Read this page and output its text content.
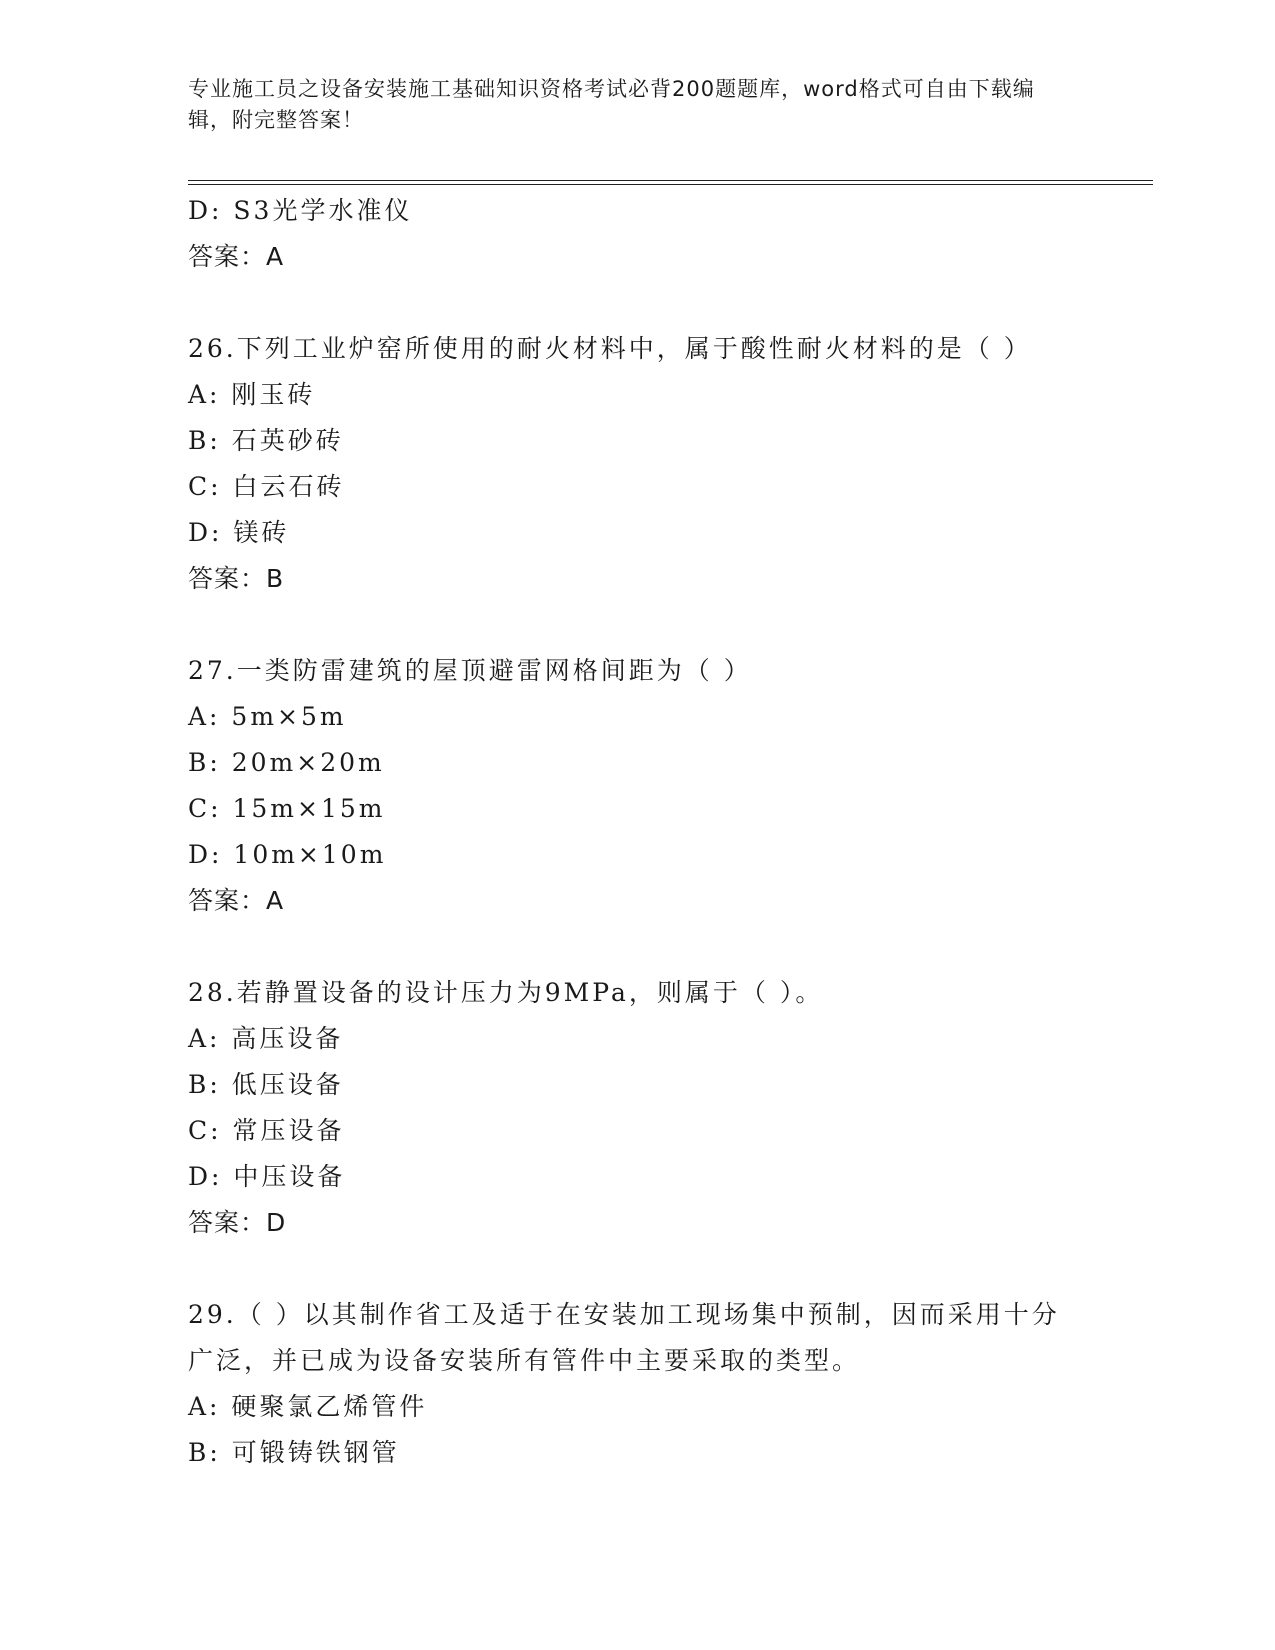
专业施工员之设备安装施工基础知识资格考试必背200题题库，word格式可自由下载编辑，附完整答案！

D: S3光学水准仪
答案：A
26.下列工业炉窑所使用的耐火材料中，属于酸性耐火材料的是（ ）
A: 刚玉砖
B: 石英砂砖
C: 白云石砖
D: 镁砖
答案：B
27.一类防雷建筑的屋顶避雷网格间距为（ ）
A: 5m×5m
B: 20m×20m
C: 15m×15m
D: 10m×10m
答案：A
28.若静置设备的设计压力为9MPa，则属于（ ）。
A: 高压设备
B: 低压设备
C: 常压设备
D: 中压设备
答案：D
29.（ ）以其制作省工及适于在安装加工现场集中预制，因而采用十分广泛，并已成为设备安装所有管件中主要采取的类型。
A: 硬聚氯乙烯管件
B: 可锻铸铁钢管
